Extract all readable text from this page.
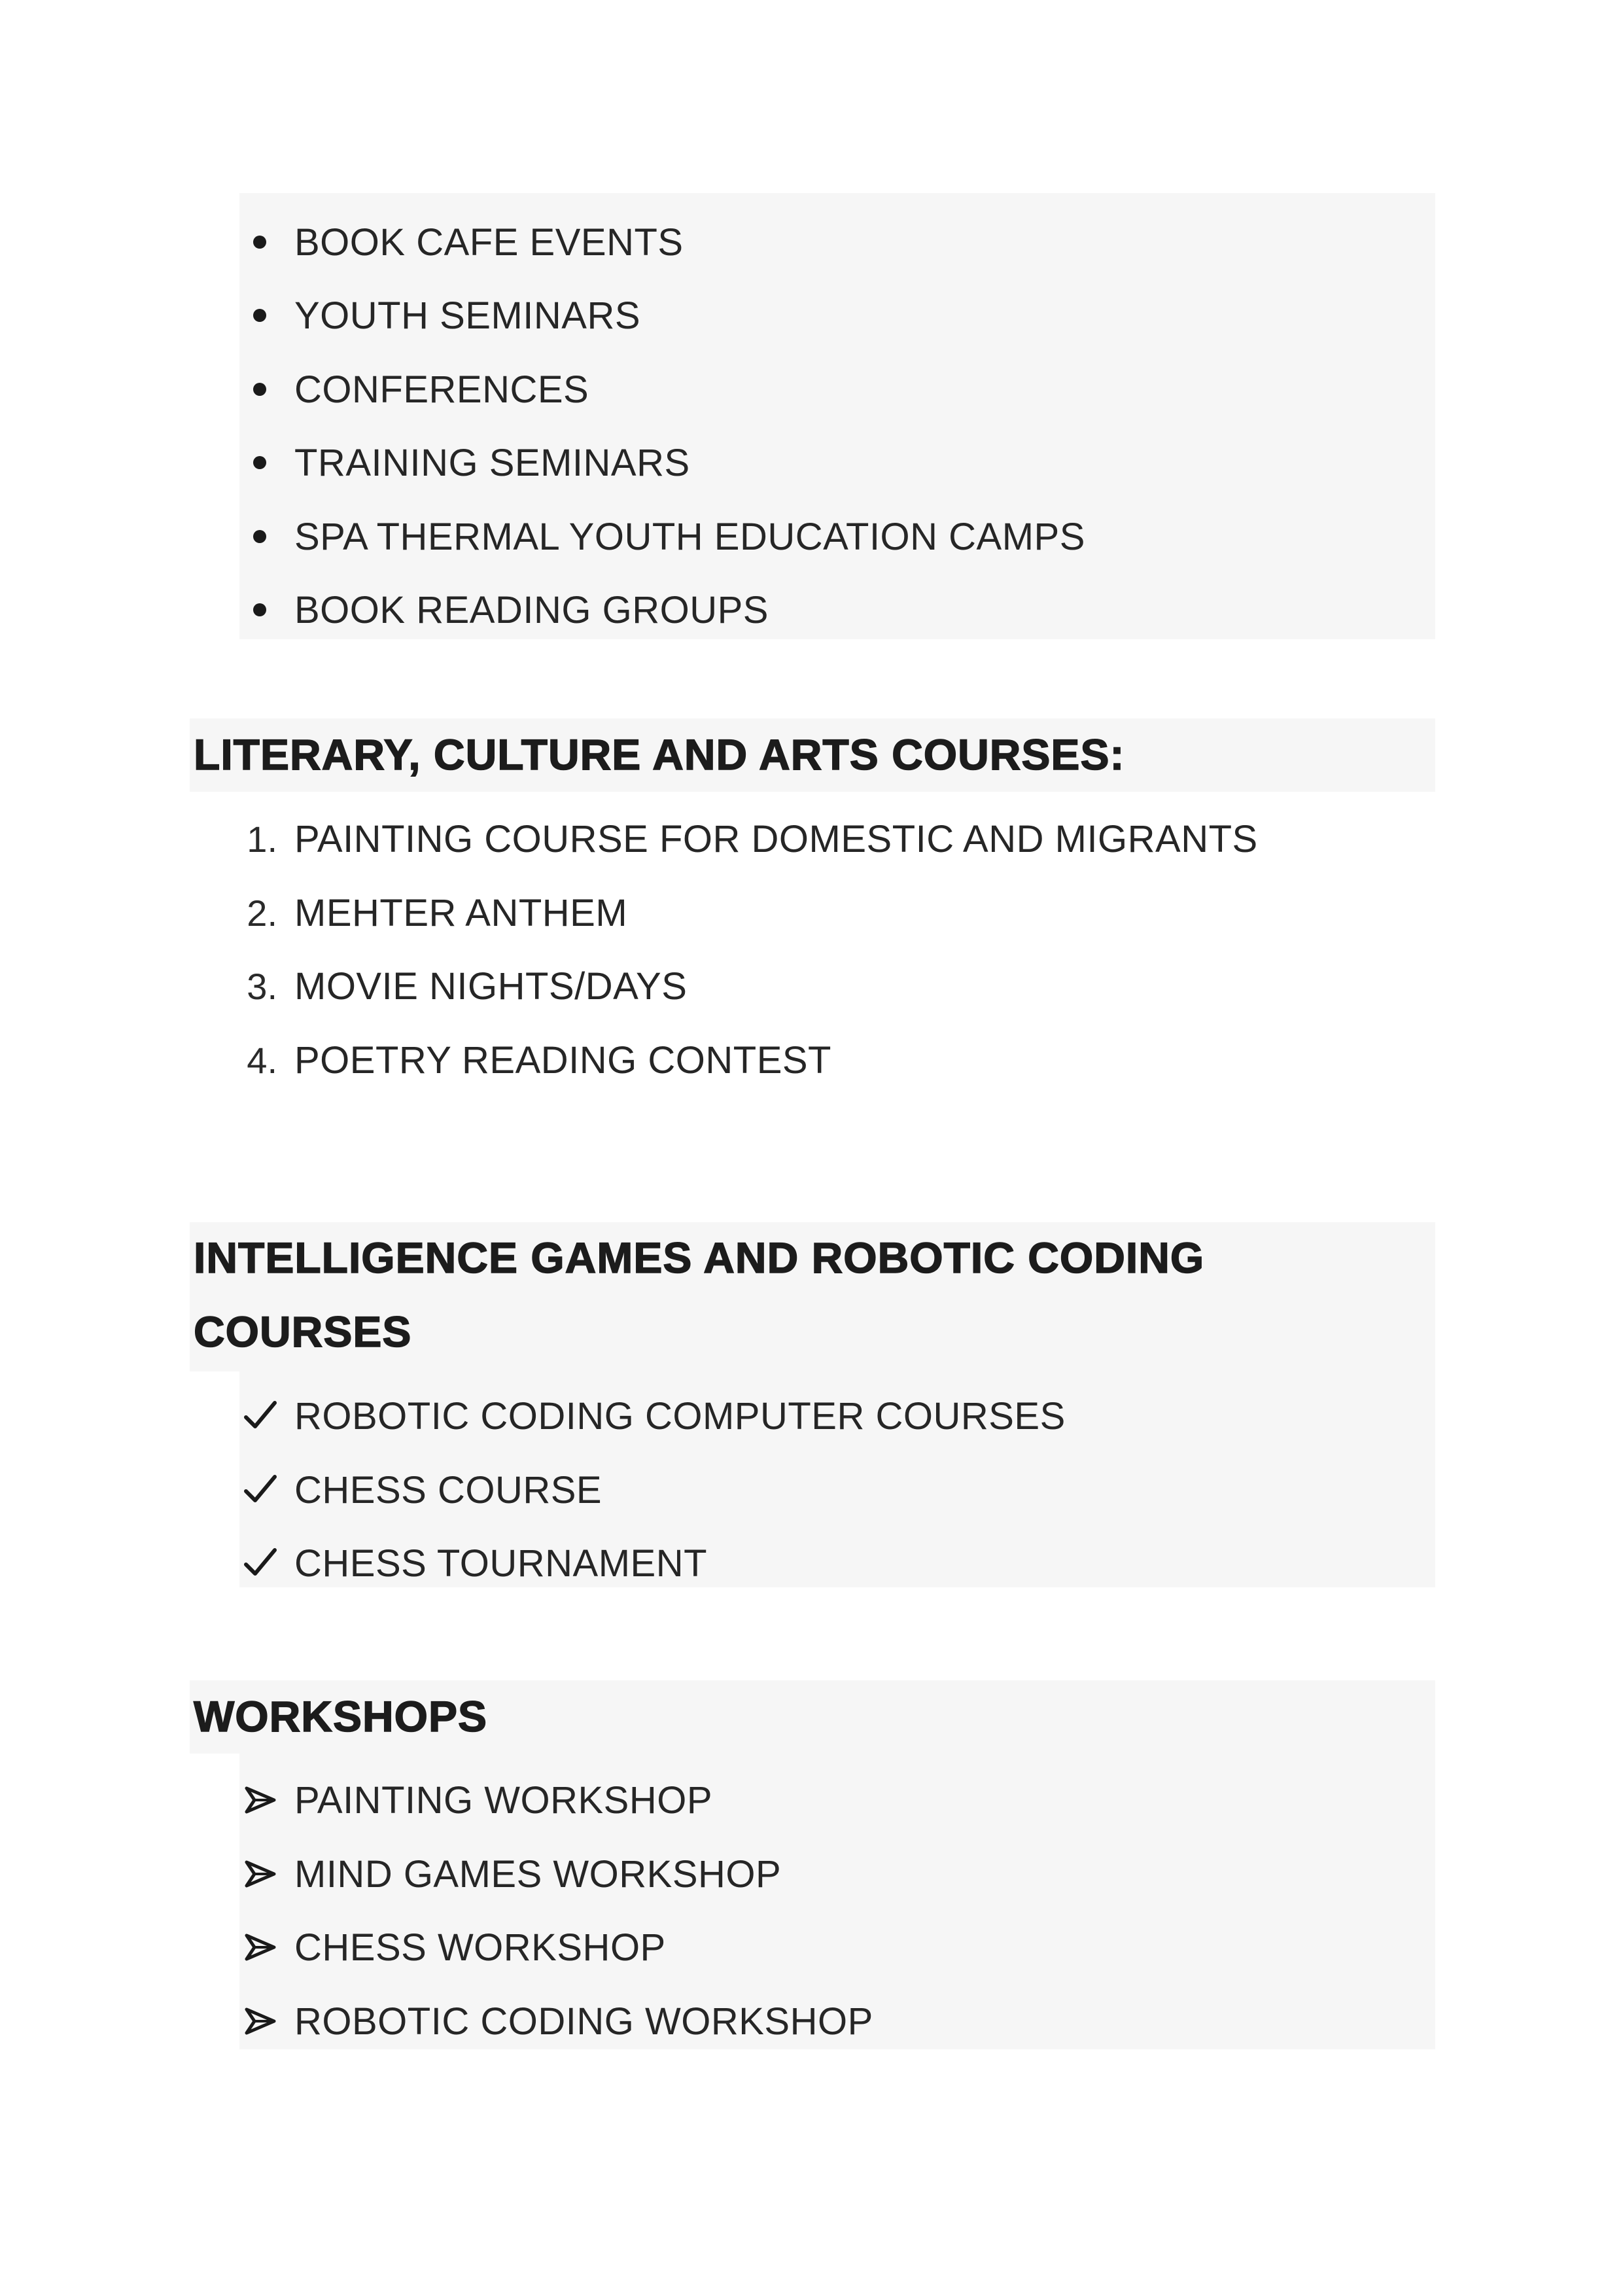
BOOK CAFE EVENTS
YOUTH SEMINARS
CONFERENCES
TRAINING SEMINARS
SPA THERMAL YOUTH EDUCATION CAMPS
BOOK READING GROUPS
LITERARY, CULTURE AND ARTS COURSES:
1. PAINTING COURSE FOR DOMESTIC AND MIGRANTS
2. MEHTER ANTHEM
3. MOVIE NIGHTS/DAYS
4. POETRY READING CONTEST
INTELLIGENCE GAMES AND ROBOTIC CODING
COURSES
ROBOTIC CODING COMPUTER COURSES
CHESS COURSE
CHESS TOURNAMENT
WORKSHOPS
PAINTING WORKSHOP
MIND GAMES WORKSHOP
CHESS WORKSHOP
ROBOTIC CODING WORKSHOP
